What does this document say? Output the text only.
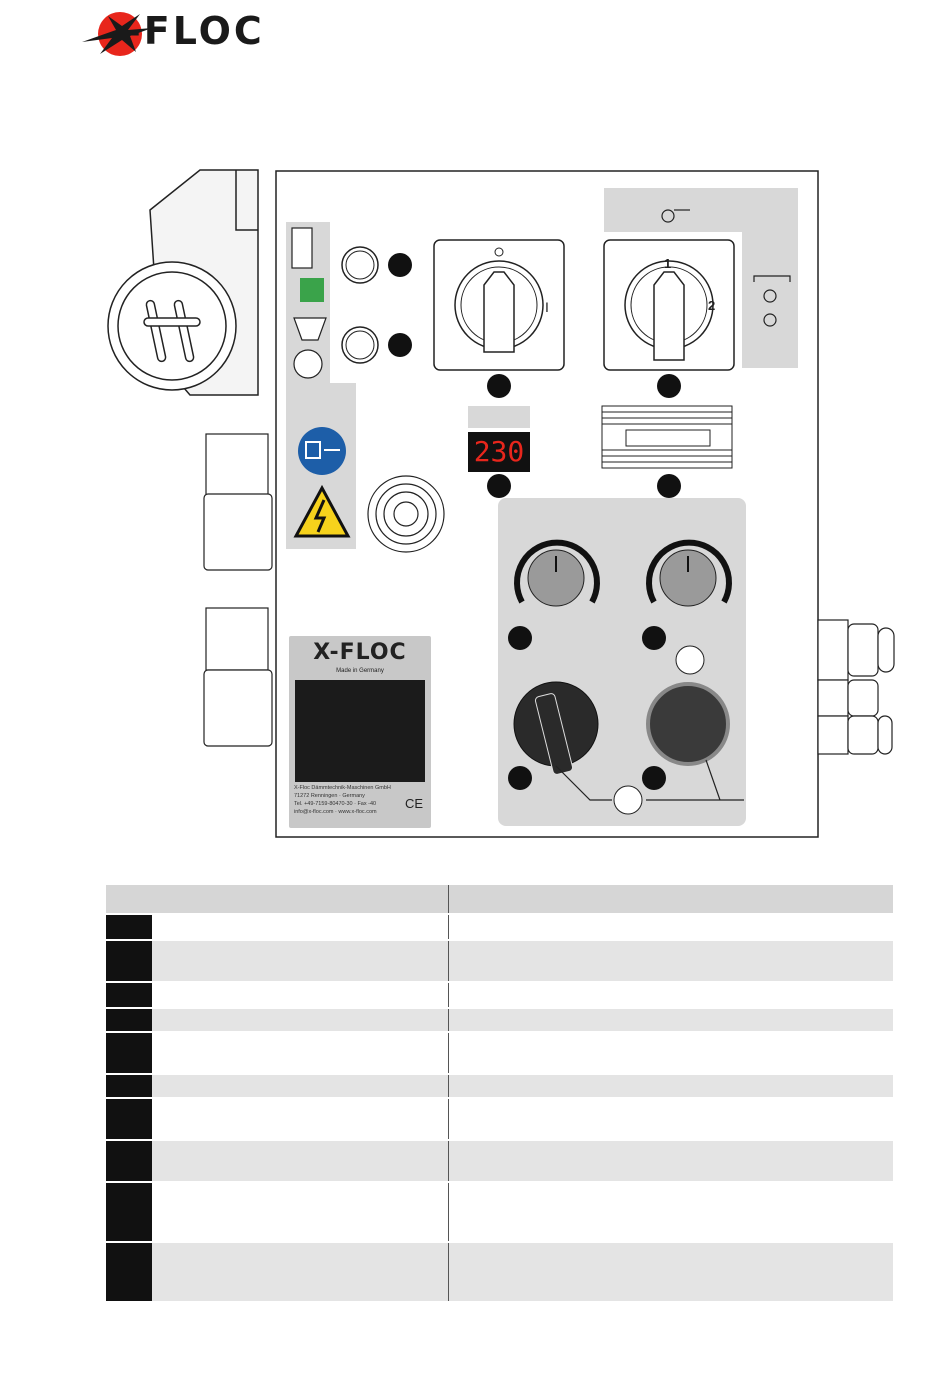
-FLOC
I
1
2
230
X-FLOC
Made in Germany
X-Floc Dämmtechnik-Maschinen GmbH
71272 Renningen · Germany
Tel. +49-7159-80470-30 · Fax -40
info@x-floc.com · www.x-floc.com
CE
